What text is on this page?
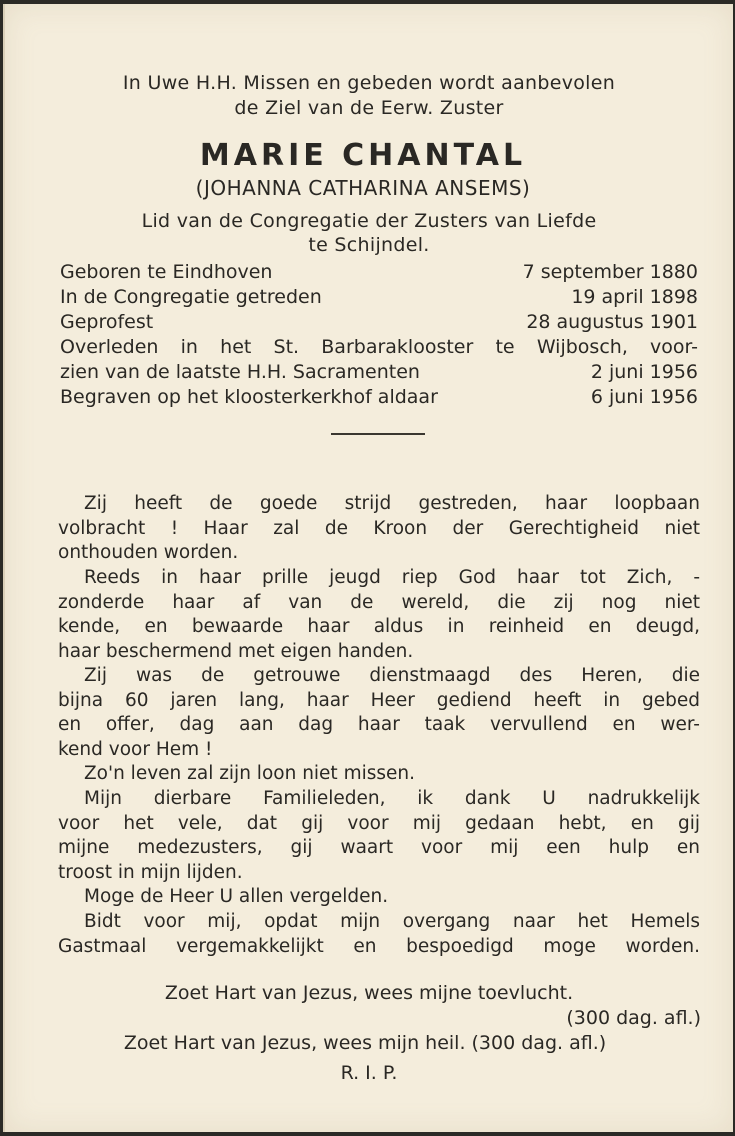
In Uwe H.H. Missen en gebeden wordt aanbevolen
de Ziel van de Eerw. Zuster
MARIE CHANTAL
(JOHANNA CATHARINA ANSEMS)
Lid van de Congregatie der Zusters van Liefde
te Schijndel.
Geboren te Eindhoven	7 september 1880
In de Congregatie getreden	19 april 1898
Geprofest	28 augustus 1901
Overleden in het St. Barbaraklooster te Wijbosch, voor-
zien van de laatste H.H. Sacramenten	2 juni 1956
Begraven op het kloosterkerkhof aldaar	6 juni 1956
Zij heeft de goede strijd gestreden, haar loopbaan
volbracht ! Haar zal de Kroon der Gerechtigheid niet
onthouden worden.
Reeds in haar prille jeugd riep God haar tot Zich, -
zonderde haar af van de wereld, die zij nog niet
kende, en bewaarde haar aldus in reinheid en deugd,
haar beschermend met eigen handen.
Zij was de getrouwe dienstmaagd des Heren, die
bijna 60 jaren lang, haar Heer gediend heeft in gebed
en offer, dag aan dag haar taak vervullend en wer-
kend voor Hem !
Zo'n leven zal zijn loon niet missen.
Mijn dierbare Familieleden, ik dank U nadrukkelijk
voor het vele, dat gij voor mij gedaan hebt, en gij
mijne medezusters, gij waart voor mij een hulp en
troost in mijn lijden.
Moge de Heer U allen vergelden.
Bidt voor mij, opdat mijn overgang naar het Hemels
Gastmaal vergemakkelijkt en bespoedigd moge worden.
Zoet Hart van Jezus, wees mijne toevlucht.
(300 dag. afl.)
Zoet Hart van Jezus, wees mijn heil. (300 dag. afl.)
R. I. P.
